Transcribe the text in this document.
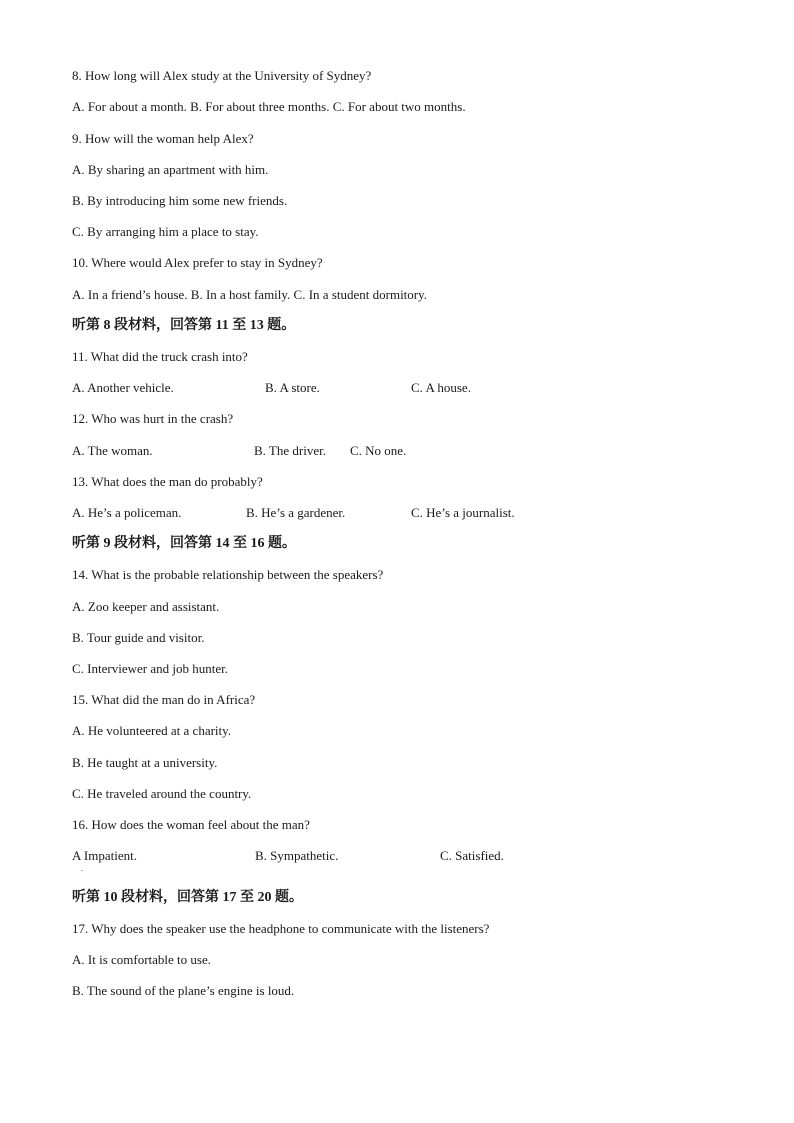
8. How long will Alex study at the University of Sydney?
A. For about a month. B. For about three months. C. For about two months.
9. How will the woman help Alex?
A. By sharing an apartment with him.
B. By introducing him some new friends.
C. By arranging him a place to stay.
10. Where would Alex prefer to stay in Sydney?
A. In a friend’s house. B. In a host family. C. In a student dormitory.
听第 8 段材料，回答第 11 至 13 题。
11. What did the truck crash into?
A. Another vehicle.	B. A store.	C. A house.
12. Who was hurt in the crash?
A. The woman.	B. The driver. C. No one.
13. What does the man do probably?
A. He’s a policeman.	B. He’s a gardener.	C. He’s a journalist.
听第 9 段材料，回答第 14 至 16 题。
14. What is the probable relationship between the speakers?
A. Zoo keeper and assistant.
B. Tour guide and visitor.
C. Interviewer and job hunter.
15. What did the man do in Africa?
A. He volunteered at a charity.
B. He taught at a university.
C. He traveled around the country.
16. How does the woman feel about the man?
A Impatient.
.
B. Sympathetic.	C. Satisfied.
听第 10 段材料，回答第 17 至 20 题。
17. Why does the speaker use the headphone to communicate with the listeners?
A. It is comfortable to use.
B. The sound of the plane’s engine is loud.
